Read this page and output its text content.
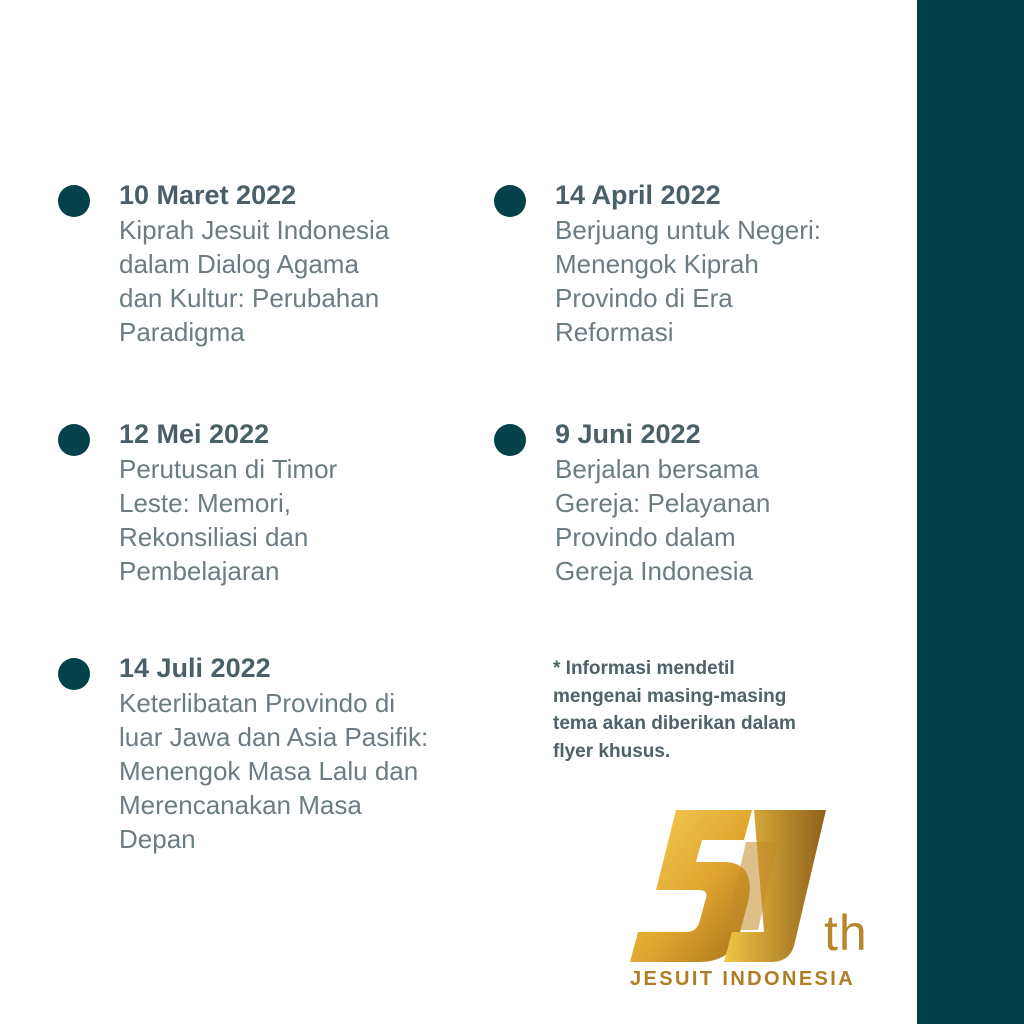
10 Maret 2022
Kiprah Jesuit Indonesia
dalam Dialog Agama
dan Kultur: Perubahan
Paradigma
14 April 2022
Berjuang untuk Negeri:
Menengok Kiprah
Provindo di Era
Reformasi
12 Mei 2022
Perutusan di Timor
Leste: Memori,
Rekonsiliasi dan
Pembelajaran
9 Juni 2022
Berjalan bersama
Gereja: Pelayanan
Provindo dalam
Gereja Indonesia
14 Juli 2022
Keterlibatan Provindo di
luar Jawa dan Asia Pasifik:
Menengok Masa Lalu dan
Merencanakan Masa
Depan
* Informasi mendetil
mengenai masing-masing
tema akan diberikan dalam
flyer khusus.
th
JESUIT INDONESIA
